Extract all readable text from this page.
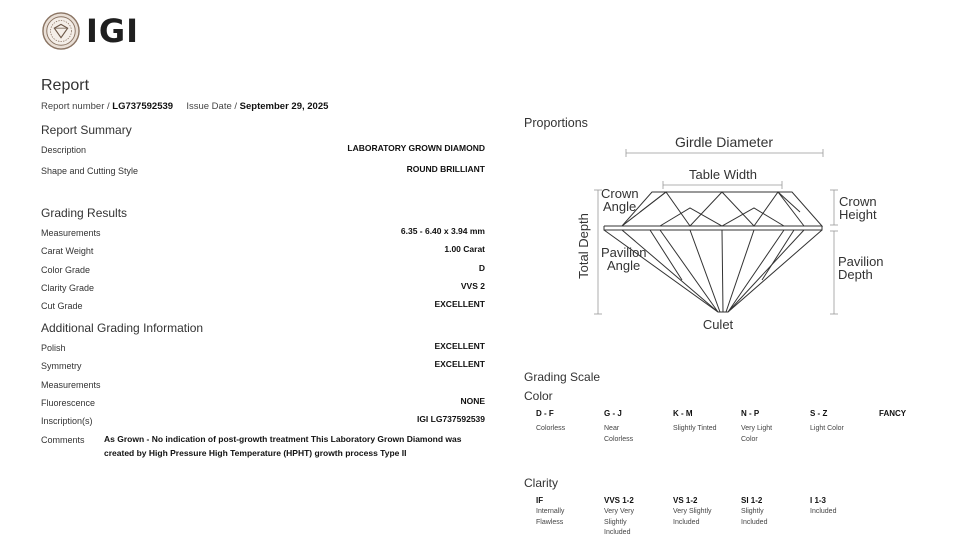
IGI
Report
Report number / LG737592539 Issue Date / September 29, 2025
Report Summary
Description	LABORATORY GROWN DIAMOND
Shape and Cutting Style	ROUND BRILLIANT
Grading Results
Measurements	6.35 - 6.40 x 3.94 mm
Carat Weight	1.00 Carat
Color Grade	D
Clarity Grade	VVS 2
Cut Grade	EXCELLENT
Additional Grading Information
Polish	EXCELLENT
Symmetry	EXCELLENT
Measurements
Fluorescence	NONE
Inscription(s)	IGI LG737592539
Comments As Grown - No indication of post-growth treatment This Laboratory Grown Diamond was created by High Pressure High Temperature (HPHT) growth process Type II
Proportions
Girdle Diameter
Table Width
Crown
Angle	Crown
Height
Total Depth Pavilion
Angle	Pavilion
Depth
Culet
Grading Scale
Color
D - F
Colorless
G - J
Near Colorless
K - M
Slightly Tinted
N - P
Very Light Color
S - Z
Light Color
FANCY
Clarity
IF
Internally Flawless
VVS 1-2
Very Very Slightly Included
VS 1-2
Very Slightly Included
SI 1-2
Slightly Included
I 1-3
Included
